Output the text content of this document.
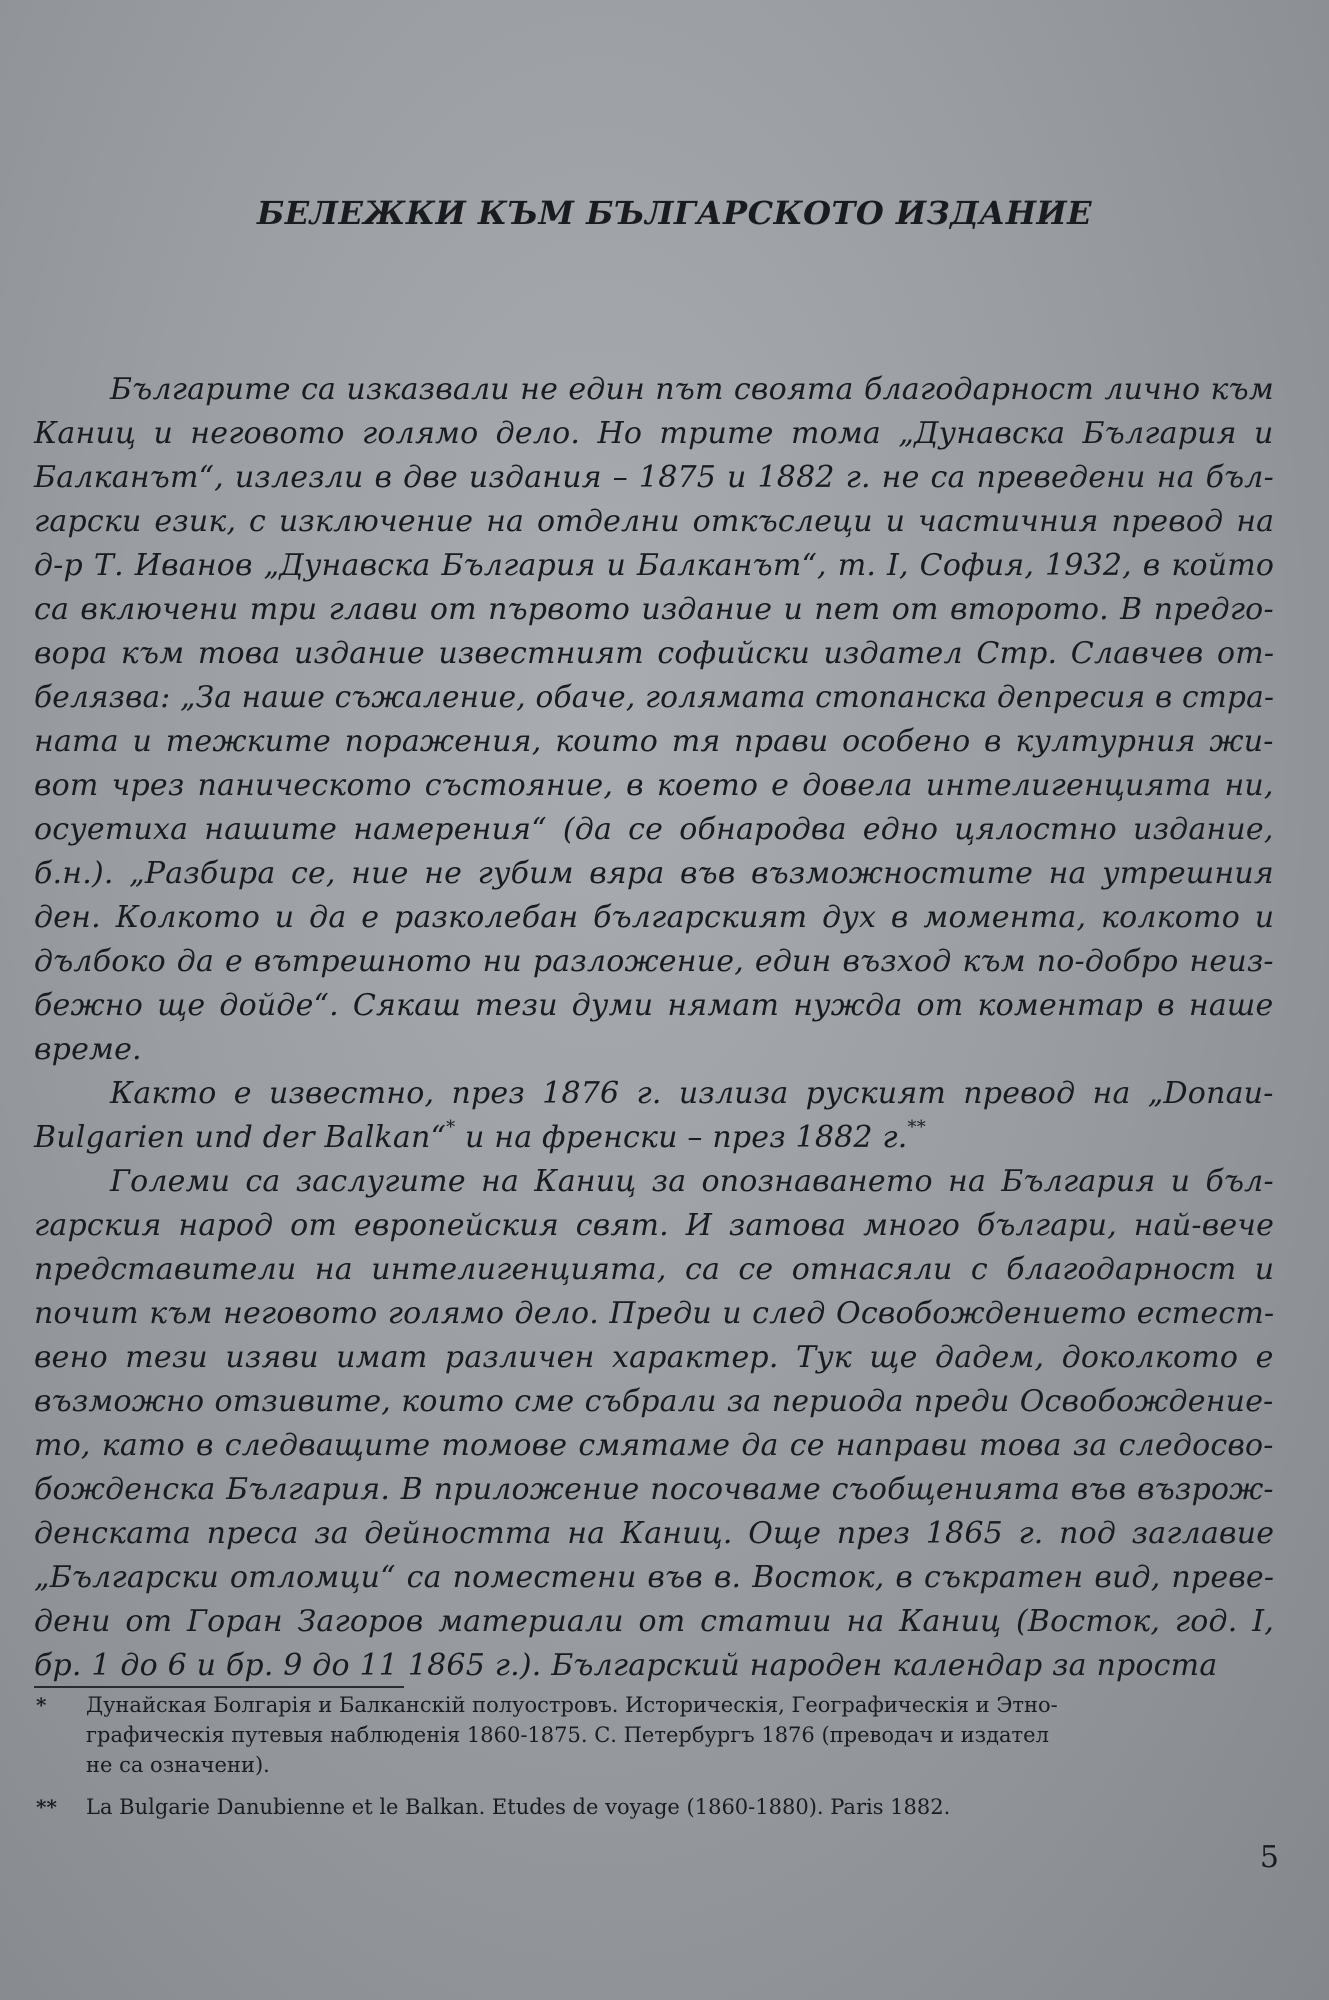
БЕЛЕЖКИ КЪМ БЪЛГАРСКОТО ИЗДАНИЕ
Българите са изказвали не един път своята благодарност лично към
Каниц и неговото голямо дело. Но трите тома „Дунавска България и
Балканът“, излезли в две издания – 1875 и 1882 г. не са преведени на бъл-
гарски език, с изключение на отделни откъслеци и частичния превод на
д-р Т. Иванов „Дунавска България и Балканът“, т. I, София, 1932, в който
са включени три глави от първото издание и пет от второто. В предго-
вора към това издание известният софийски издател Стр. Славчев от-
белязва: „За наше съжаление, обаче, голямата стопанска депресия в стра-
ната и тежките поражения, които тя прави особено в културния жи-
вот чрез паническото състояние, в което е довела интелигенцията ни,
осуетиха нашите намерения“ (да се обнародва едно цялостно издание,
б.н.). „Разбира се, ние не губим вяра във възможностите на утрешния
ден. Колкото и да е разколебан българският дух в момента, колкото и
дълбоко да е вътрешното ни разложение, един възход към по-добро неиз-
бежно ще дойде“. Сякаш тези думи нямат нужда от коментар в наше
време.
Както е известно, през 1876 г. излиза руският превод на „Donau-
Bulgarien und der Balkan“* и на френски – през 1882 г.**
Големи са заслугите на Каниц за опознаването на България и бъл-
гарския народ от европейския свят. И затова много българи, най-вече
представители на интелигенцията, са се отнасяли с благодарност и
почит към неговото голямо дело. Преди и след Освобождението естест-
вено тези изяви имат различен характер. Тук ще дадем, доколкото е
възможно отзивите, които сме събрали за периода преди Освобождение-
то, като в следващите томове смятаме да се направи това за следосво-
божденска България. В приложение посочваме съобщенията във възрож-
денската преса за дейността на Каниц. Още през 1865 г. под заглавие
„Български отломци“ са поместени във в. Восток, в съкратен вид, преве-
дени от Горан Загоров материали от статии на Каниц (Восток, год. I,
бр. 1 до 6 и бр. 9 до 11 1865 г.). Българский народен календар за проста
* Дунайская Болгарія и Балканскій полуостровъ. Историческія, Географическія и Этно-
графическія путевыя наблюденія 1860-1875. С. Петербургъ 1876 (преводач и издател
не са означени).
** La Bulgarie Danubienne et le Balkan. Etudes de voyage (1860-1880). Paris 1882.
5
